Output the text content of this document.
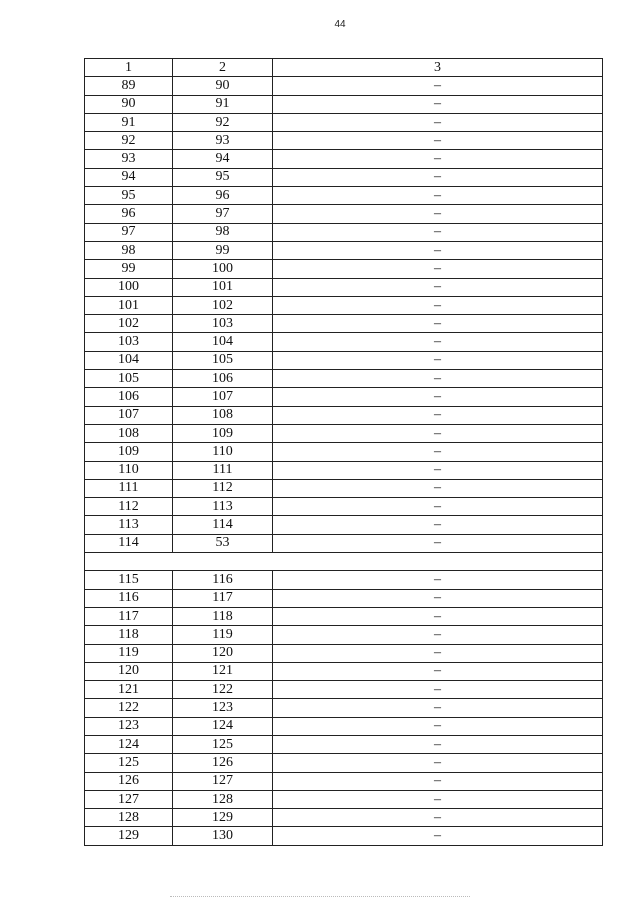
44
1	2	3
89	90	–
90	91	–
91	92	–
92	93	–
93	94	–
94	95	–
95	96	–
96	97	–
97	98	–
98	99	–
99	100	–
100	101	–
101	102	–
102	103	–
103	104	–
104	105	–
105	106	–
106	107	–
107	108	–
108	109	–
109	110	–
110	111	–
111	112	–
112	113	–
113	114	–
114	53	–

115	116	–
116	117	–
117	118	–
118	119	–
119	120	–
120	121	–
121	122	–
122	123	–
123	124	–
124	125	–
125	126	–
126	127	–
127	128	–
128	129	–
129	130	–
